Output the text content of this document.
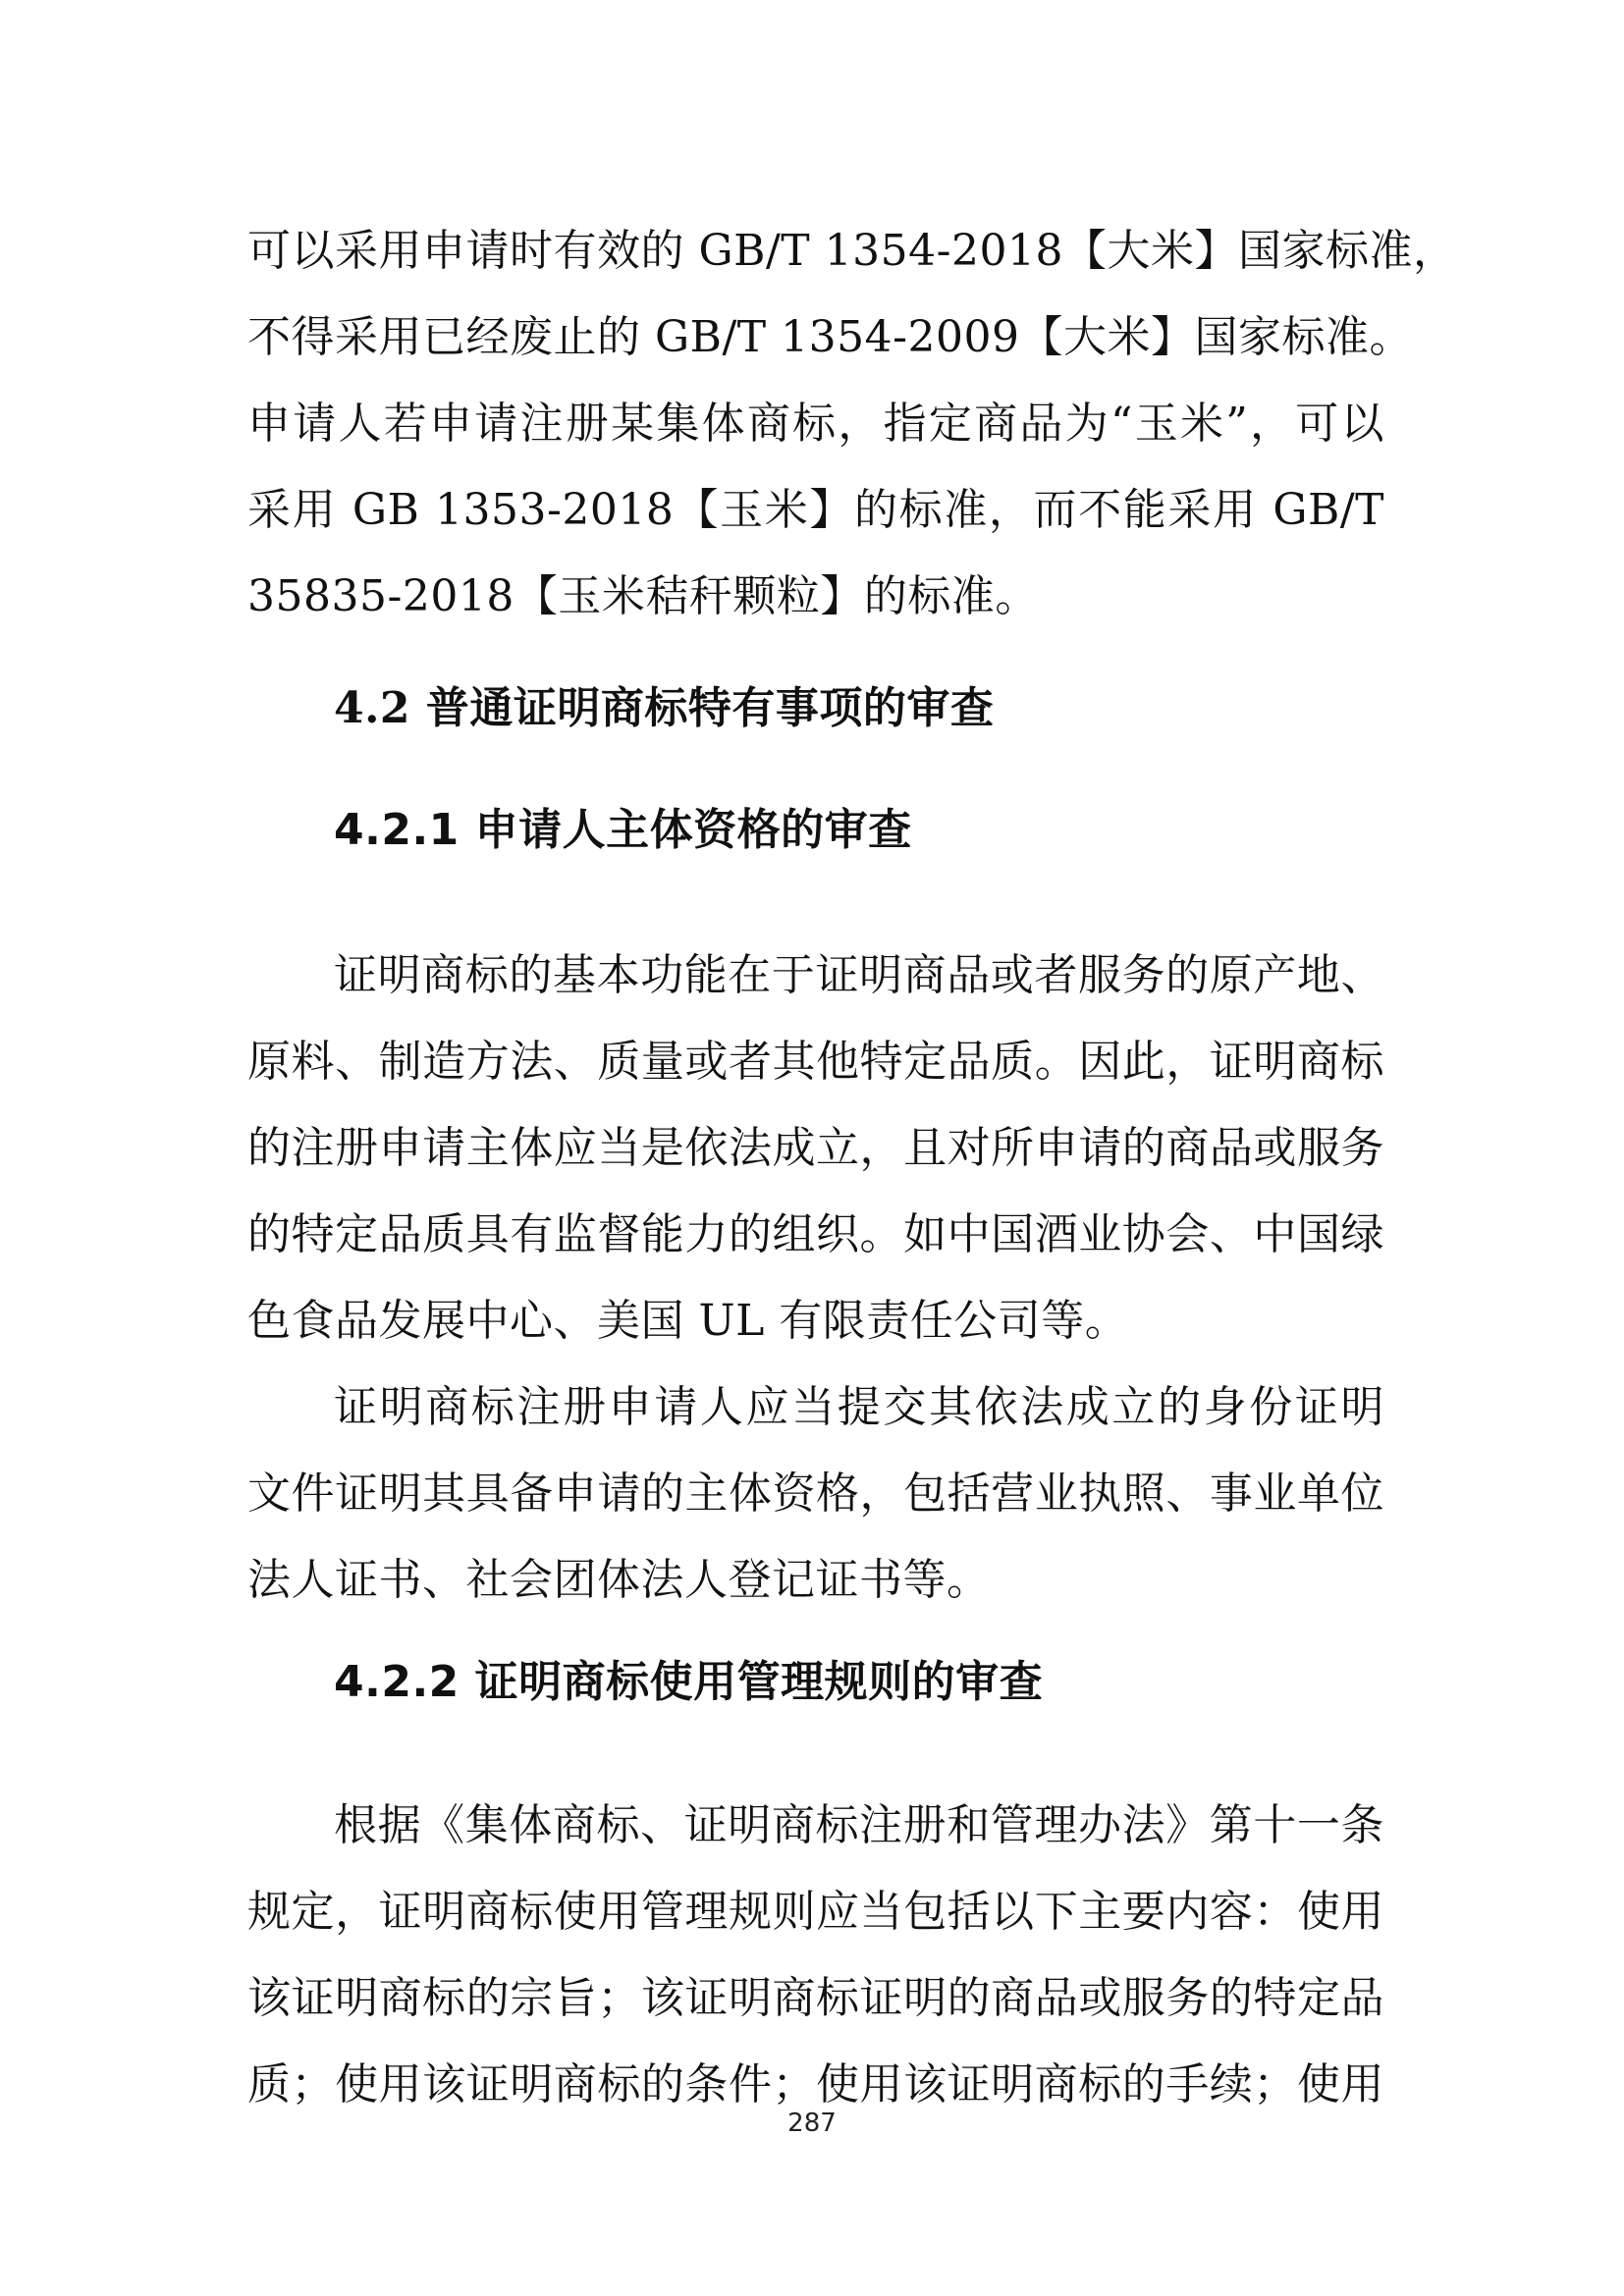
可以采用申请时有效的 GB/T 1354-2018【大米】国家标准，
不得采用已经废止的 GB/T 1354-2009【大米】国家标准。
申请人若申请注册某集体商标，指定商品为“玉米”，可以
采用 GB 1353-2018【玉米】的标准，而不能采用 GB/T
35835-2018【玉米秸秆颗粒】的标准。
4.2 普通证明商标特有事项的审查
4.2.1 申请人主体资格的审查
证明商标的基本功能在于证明商品或者服务的原产地、
原料、制造方法、质量或者其他特定品质。因此，证明商标
的注册申请主体应当是依法成立，且对所申请的商品或服务
的特定品质具有监督能力的组织。如中国酒业协会、中国绿
色食品发展中心、美国 UL 有限责任公司等。
证明商标注册申请人应当提交其依法成立的身份证明
文件证明其具备申请的主体资格，包括营业执照、事业单位
法人证书、社会团体法人登记证书等。
4.2.2 证明商标使用管理规则的审查
根据《集体商标、证明商标注册和管理办法》第十一条
规定，证明商标使用管理规则应当包括以下主要内容：使用
该证明商标的宗旨；该证明商标证明的商品或服务的特定品
质；使用该证明商标的条件；使用该证明商标的手续；使用
287
